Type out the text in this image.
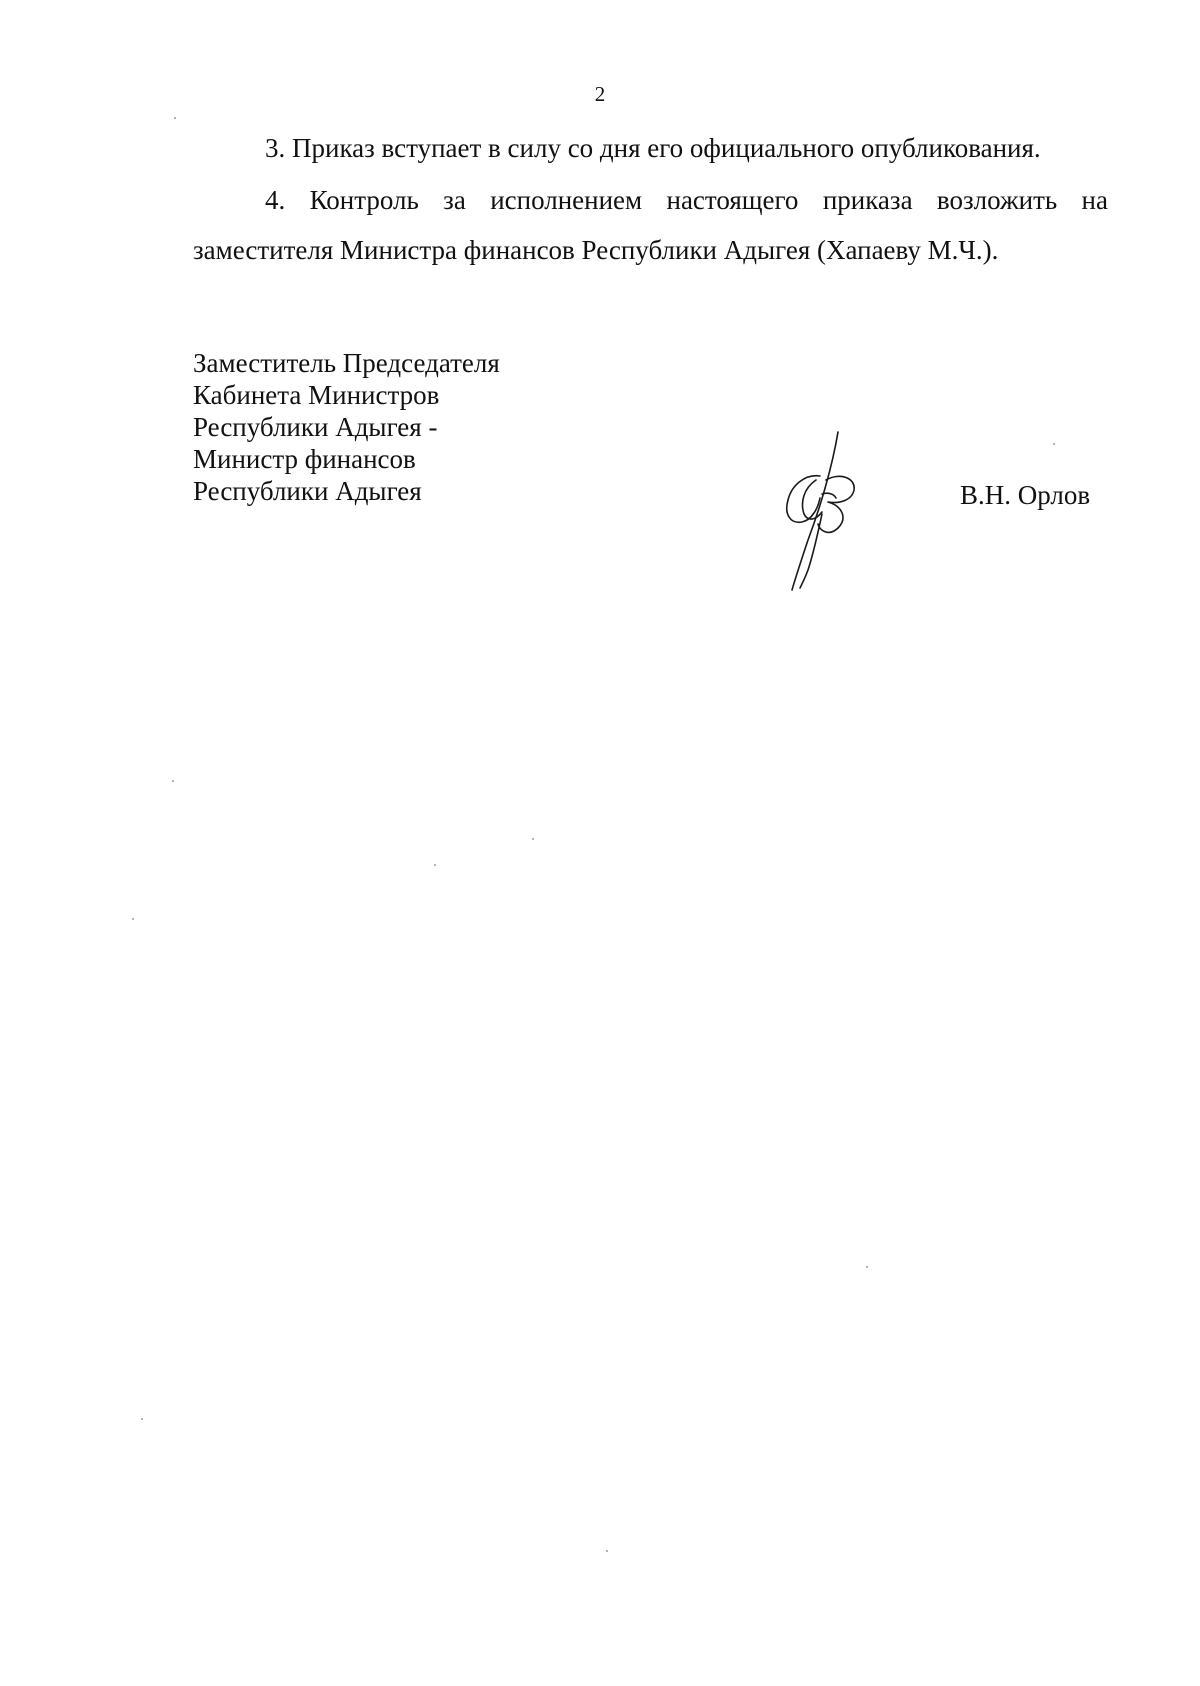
2

3. Приказ вступает в силу со дня его официального опубликования.

4. Контроль за исполнением настоящего приказа возложить на заместителя Министра финансов Республики Адыгея (Хапаеву М.Ч.).

Заместитель Председателя
Кабинета Министров
Республики Адыгея -
Министр финансов
Республики Адыгея	В.Н. Орлов
